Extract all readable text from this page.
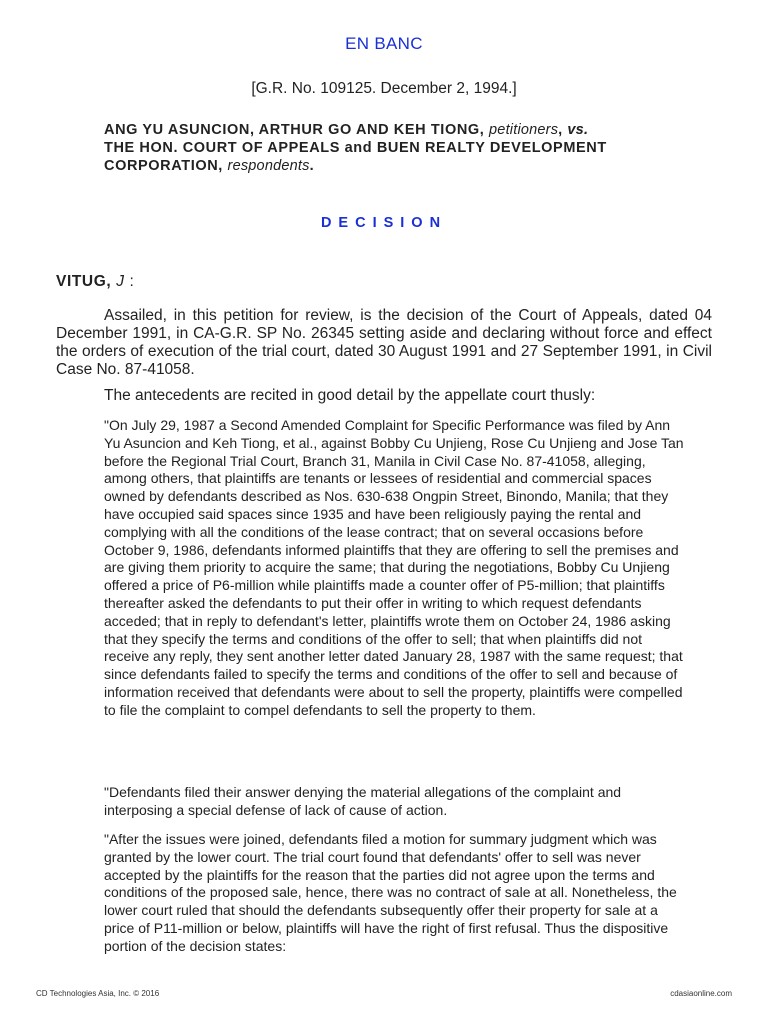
EN BANC
[G.R. No. 109125. December 2, 1994.]
ANG YU ASUNCION, ARTHUR GO AND KEH TIONG, petitioners, vs.
THE HON. COURT OF APPEALS and BUEN REALTY DEVELOPMENT CORPORATION, respondents.
DECISION
VITUG, J :
Assailed, in this petition for review, is the decision of the Court of Appeals, dated 04 December 1991, in CA-G.R. SP No. 26345 setting aside and declaring without force and effect the orders of execution of the trial court, dated 30 August 1991 and 27 September 1991, in Civil Case No. 87-41058.
The antecedents are recited in good detail by the appellate court thusly:
"On July 29, 1987 a Second Amended Complaint for Specific Performance was filed by Ann Yu Asuncion and Keh Tiong, et al., against Bobby Cu Unjieng, Rose Cu Unjieng and Jose Tan before the Regional Trial Court, Branch 31, Manila in Civil Case No. 87-41058, alleging, among others, that plaintiffs are tenants or lessees of residential and commercial spaces owned by defendants described as Nos. 630-638 Ongpin Street, Binondo, Manila; that they have occupied said spaces since 1935 and have been religiously paying the rental and complying with all the conditions of the lease contract; that on several occasions before October 9, 1986, defendants informed plaintiffs that they are offering to sell the premises and are giving them priority to acquire the same; that during the negotiations, Bobby Cu Unjieng offered a price of P6-million while plaintiffs made a counter offer of P5-million; that plaintiffs thereafter asked the defendants to put their offer in writing to which request defendants acceded; that in reply to defendant's letter, plaintiffs wrote them on October 24, 1986 asking that they specify the terms and conditions of the offer to sell; that when plaintiffs did not receive any reply, they sent another letter dated January 28, 1987 with the same request; that since defendants failed to specify the terms and conditions of the offer to sell and because of information received that defendants were about to sell the property, plaintiffs were compelled to file the complaint to compel defendants to sell the property to them.
"Defendants filed their answer denying the material allegations of the complaint and interposing a special defense of lack of cause of action.
"After the issues were joined, defendants filed a motion for summary judgment which was granted by the lower court. The trial court found that defendants' offer to sell was never accepted by the plaintiffs for the reason that the parties did not agree upon the terms and conditions of the proposed sale, hence, there was no contract of sale at all. Nonetheless, the lower court ruled that should the defendants subsequently offer their property for sale at a price of P11-million or below, plaintiffs will have the right of first refusal. Thus the dispositive portion of the decision states:
CD Technologies Asia, Inc. © 2016	cdasiaonline.com
